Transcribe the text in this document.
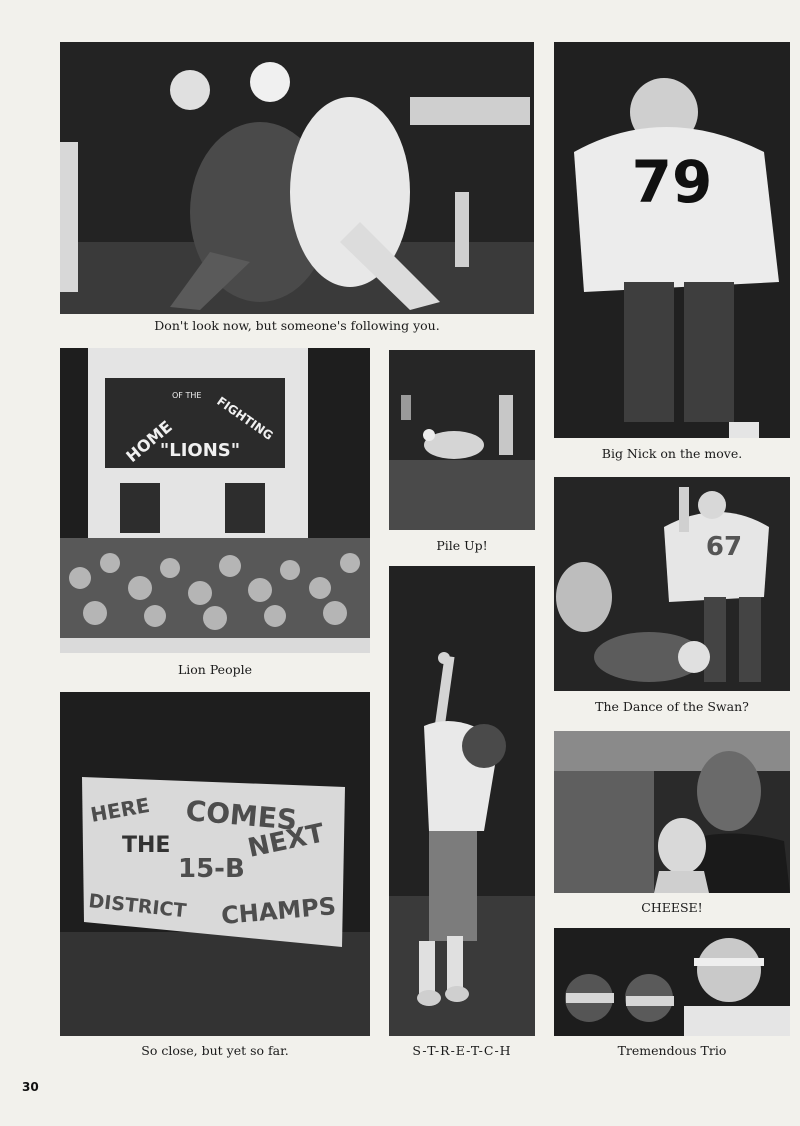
Don't look now, but someone's following you.
79
Big Nick on the move.
HOME
OF THE FIGHTING
"LIONS"
Lion People
Pile Up!	67
The Dance of the Swan?
CHEESE!
HERE COMES
THE	NEXT
15-B
DISTRICT CHAMPS
So close, but yet so far.	S-T-R-E-T-C-H	Tremendous Trio
30
